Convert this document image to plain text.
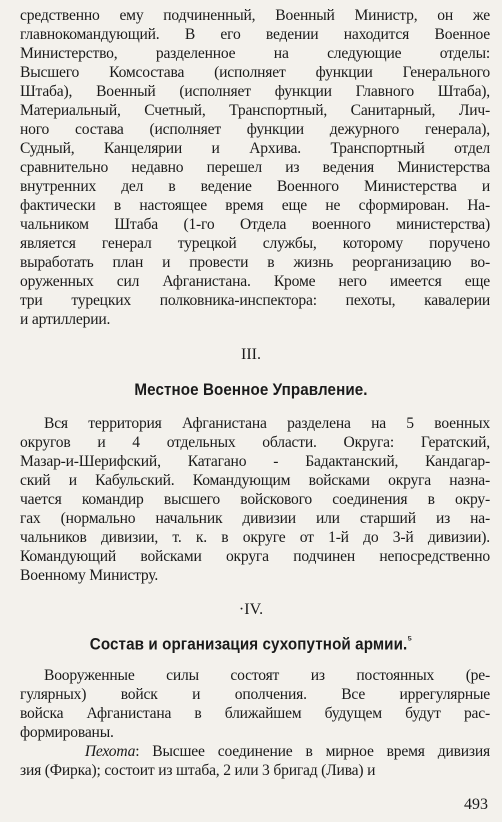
средственно ему подчиненный, Военный Министр, он же
главнокомандующий. В его ведении находится Военное
Министерство, разделенное на следующие отделы:
Высшего Комсостава (исполняет функции Генерального
Штаба), Военный (исполняет функции Главного Штаба),
Материальный, Счетный, Транспортный, Санитарный, Лич-
ного состава (исполняет функции дежурного генерала),
Судный, Канцелярии и Архива. Транспортный отдел
сравнительно недавно перешел из ведения Министерства
внутренних дел в ведение Военного Министерства и
фактически в настоящее время еще не сформирован. На-
чальником Штаба (1-го Отдела военного министерства)
является генерал турецкой службы, которому поручено
выработать план и провести в жизнь реорганизацию во-
оруженных сил Афганистана. Кроме него имеется еще
три турецких полковника-инспектора: пехоты, кавалерии
и артиллерии.
III.
Местное Военное Управление.
Вся территория Афганистана разделена на 5 военных
округов и 4 отдельных области. Округа: Гератский,
Мазар-и-Шерифский, Катагано - Бадактанский, Кандагар-
ский и Кабульский. Командующим войсками округа назна-
чается командир высшего войскового соединения в окру-
гах (нормально начальник дивизии или старший из на-
чальников дивизии, т. к. в округе от 1-й до 3-й дивизии).
Командующий войсками округа подчинен непосредственно
Военному Министру.
·IV.
Состав и организация сухопутной армии.$^{^5}$
Вооруженные силы состоят из постоянных (ре-
гулярных) войск и ополчения. Все иррегулярные
войска Афганистана в ближайшем будущем будут рас-
формированы.
Пехота: Высшее соединение в мирное время дивизия
зия (Фирка); состоит из штаба, 2 или 3 бригад (Лива) и
493
